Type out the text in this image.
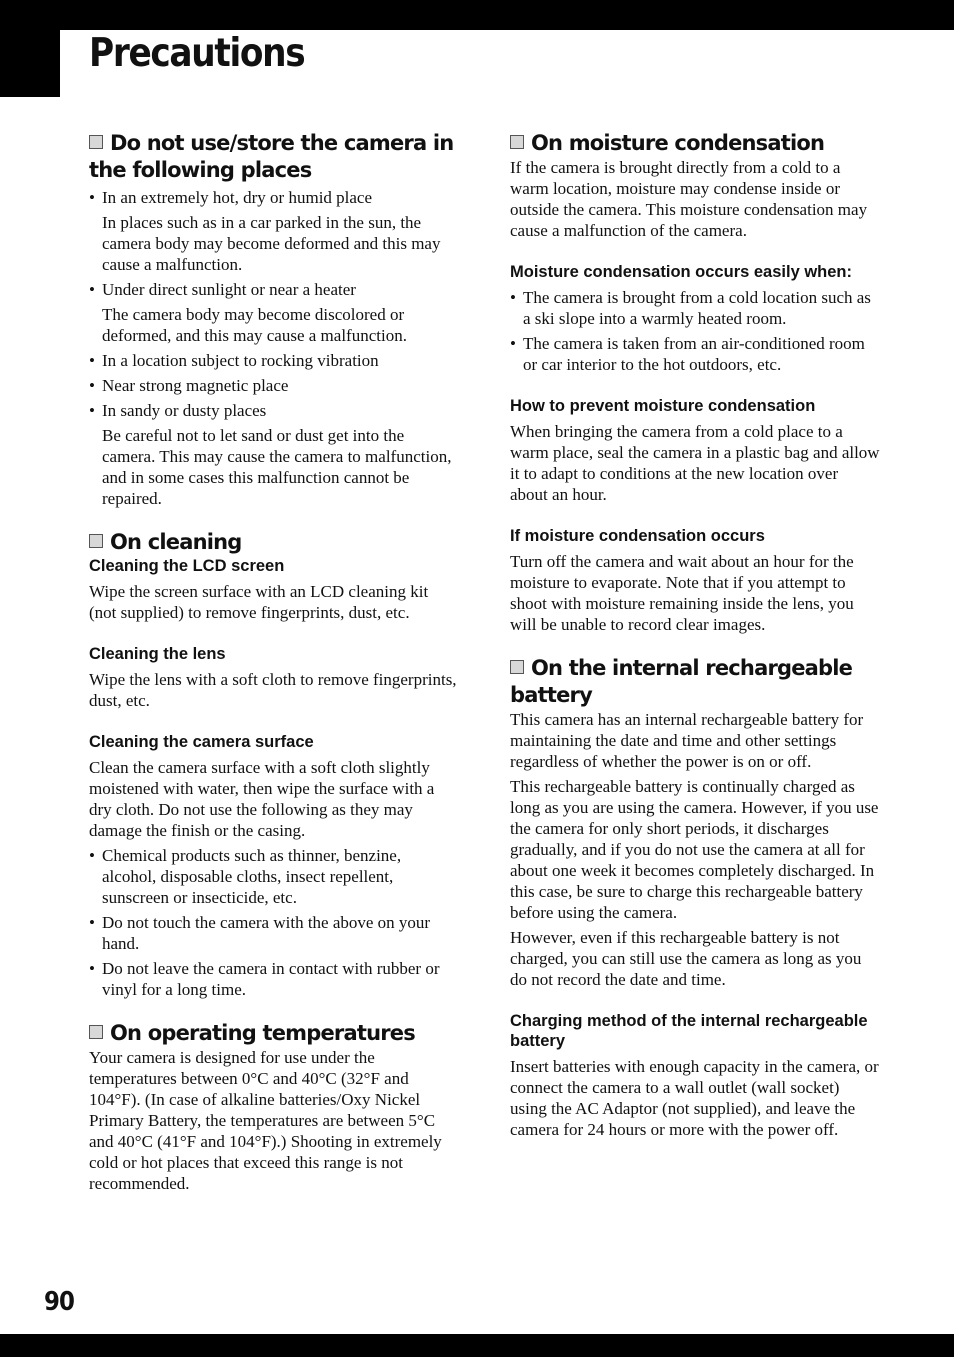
Precautions
Do not use/store the camera in the following places
• In an extremely hot, dry or humid place
In places such as in a car parked in the sun, the camera body may become deformed and this may cause a malfunction.
• Under direct sunlight or near a heater
The camera body may become discolored or deformed, and this may cause a malfunction.
• In a location subject to rocking vibration
• Near strong magnetic place
• In sandy or dusty places
Be careful not to let sand or dust get into the camera. This may cause the camera to malfunction, and in some cases this malfunction cannot be repaired.
On cleaning
Cleaning the LCD screen

Wipe the screen surface with an LCD cleaning kit (not supplied) to remove fingerprints, dust, etc.

Cleaning the lens

Wipe the lens with a soft cloth to remove fingerprints, dust, etc.

Cleaning the camera surface

Clean the camera surface with a soft cloth slightly moistened with water, then wipe the surface with a dry cloth. Do not use the following as they may damage the finish or the casing.

• Chemical products such as thinner, benzine, alcohol, disposable cloths, insect repellent, sunscreen or insecticide, etc.
• Do not touch the camera with the above on your hand.
• Do not leave the camera in contact with rubber or vinyl for a long time.
On operating temperatures

Your camera is designed for use under the temperatures between 0°C and 40°C (32°F and 104°F). (In case of alkaline batteries/Oxy Nickel Primary Battery, the temperatures are between 5°C and 40°C (41°F and 104°F).) Shooting in extremely cold or hot places that exceed this range is not recommended.

On moisture condensation

If the camera is brought directly from a cold to a warm location, moisture may condense inside or outside the camera. This moisture condensation may cause a malfunction of the camera.

Moisture condensation occurs easily when:
• The camera is brought from a cold location such as a ski slope into a warmly heated room.
• The camera is taken from an air-conditioned room or car interior to the hot outdoors, etc.
How to prevent moisture condensation

When bringing the camera from a cold place to a warm place, seal the camera in a plastic bag and allow it to adapt to conditions at the new location over about an hour.

If moisture condensation occurs

Turn off the camera and wait about an hour for the moisture to evaporate. Note that if you attempt to shoot with moisture remaining inside the lens, you will be unable to record clear images.

On the internal rechargeable battery

This camera has an internal rechargeable battery for maintaining the date and time and other settings regardless of whether the power is on or off.

This rechargeable battery is continually charged as long as you are using the camera. However, if you use the camera for only short periods, it discharges gradually, and if you do not use the camera at all for about one week it becomes completely discharged. In this case, be sure to charge this rechargeable battery before using the camera.

However, even if this rechargeable battery is not charged, you can still use the camera as long as you do not record the date and time.

Charging method of the internal rechargeable battery

Insert batteries with enough capacity in the camera, or connect the camera to a wall outlet (wall socket) using the AC Adaptor (not supplied), and leave the camera for 24 hours or more with the power off.

90
